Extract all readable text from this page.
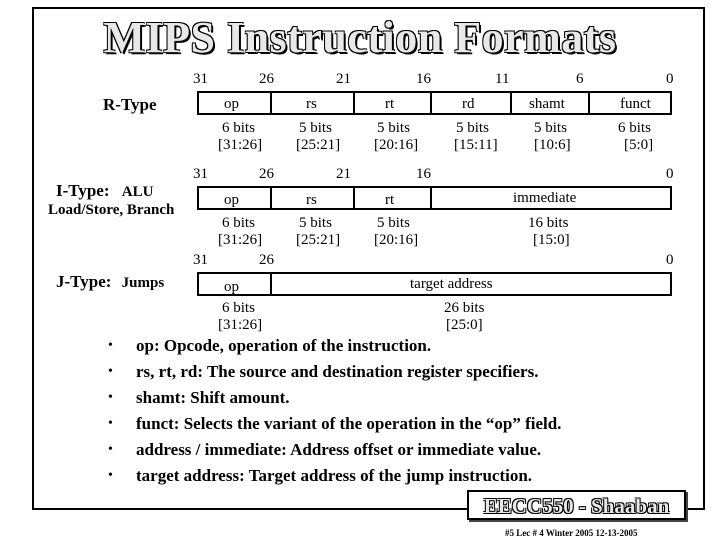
MIPS Instruction Formats
R-Type
31	26	21	16	11	6	0
op	rs	rt	rd	shamt	funct
6 bits	5 bits	5 bits	5 bits	5 bits	6 bits
[31:26] [25:21] [20:16] [15:11] [10:6]	[5:0]
I-Type: ALU
Load/Store, Branch
31	26	21	16	0
op	rs	rt	immediate
6 bits	5 bits	5 bits	16 bits
[31:26] [25:21] [20:16]	[15:0]
J-Type: Jumps
31	26	0
op	target address
6 bits	26 bits
[31:26]	[25:0]
• op: Opcode, operation of the instruction.
• rs, rt, rd: The source and destination register specifiers.
• shamt: Shift amount.
• funct: Selects the variant of the operation in the “op” field.
• address / immediate: Address offset or immediate value.
• target address: Target address of the jump instruction.
EECC550 - Shaaban
#5 Lec # 4 Winter 2005 12-13-2005
